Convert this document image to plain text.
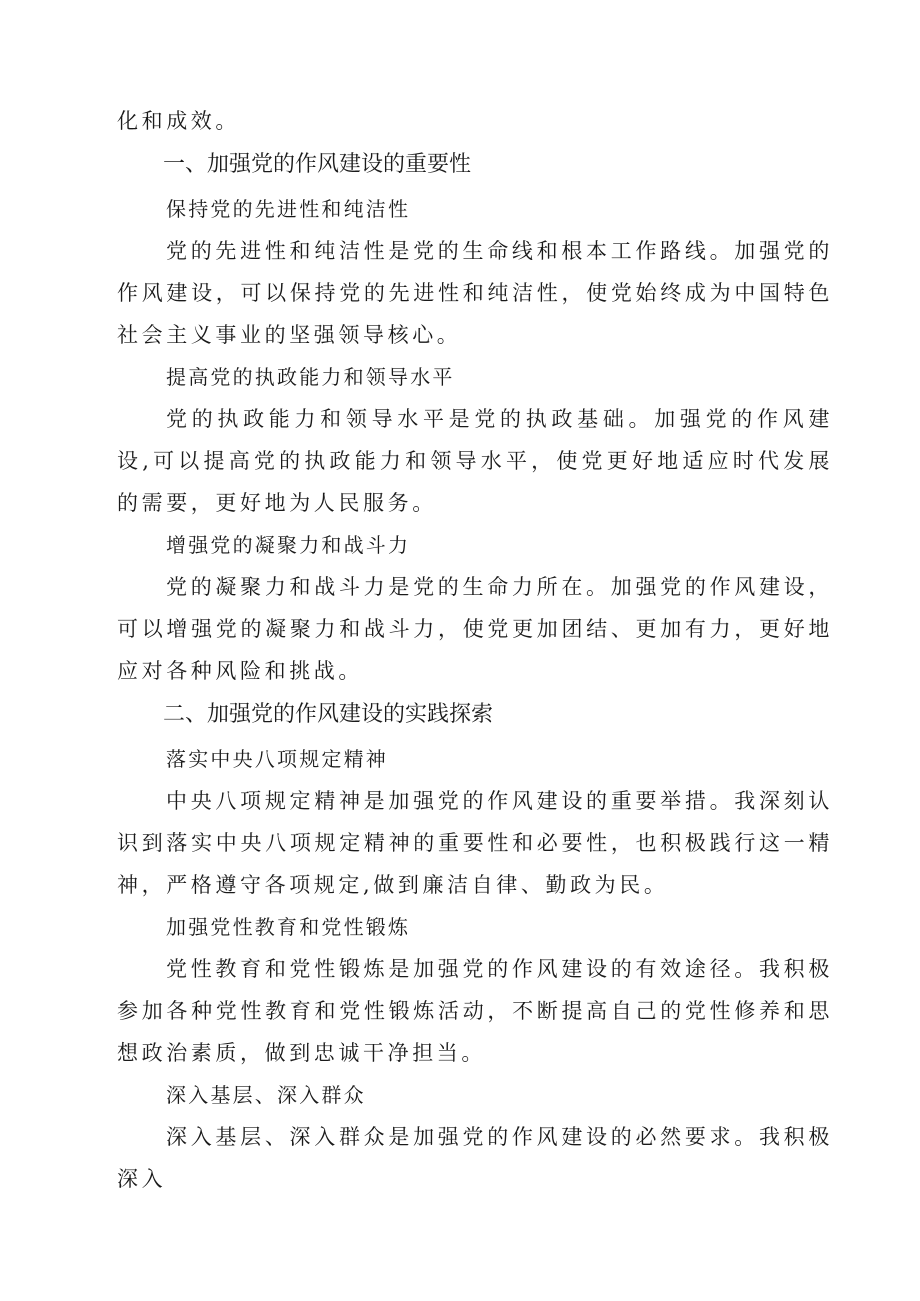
化和成效。

一、加强党的作风建设的重要性

保持党的先进性和纯洁性

党的先进性和纯洁性是党的生命线和根本工作路线。加强党的作风建设，可以保持党的先进性和纯洁性，使党始终成为中国特色社会主义事业的坚强领导核心。

提高党的执政能力和领导水平

党的执政能力和领导水平是党的执政基础。加强党的作风建设,可以提高党的执政能力和领导水平，使党更好地适应时代发展的需要，更好地为人民服务。

增强党的凝聚力和战斗力

党的凝聚力和战斗力是党的生命力所在。加强党的作风建设，可以增强党的凝聚力和战斗力，使党更加团结、更加有力，更好地应对各种风险和挑战。

二、加强党的作风建设的实践探索

落实中央八项规定精神

中央八项规定精神是加强党的作风建设的重要举措。我深刻认识到落实中央八项规定精神的重要性和必要性，也积极践行这一精神，严格遵守各项规定,做到廉洁自律、勤政为民。

加强党性教育和党性锻炼

党性教育和党性锻炼是加强党的作风建设的有效途径。我积极参加各种党性教育和党性锻炼活动，不断提高自己的党性修养和思想政治素质，做到忠诚干净担当。

深入基层、深入群众

深入基层、深入群众是加强党的作风建设的必然要求。我积极深入
